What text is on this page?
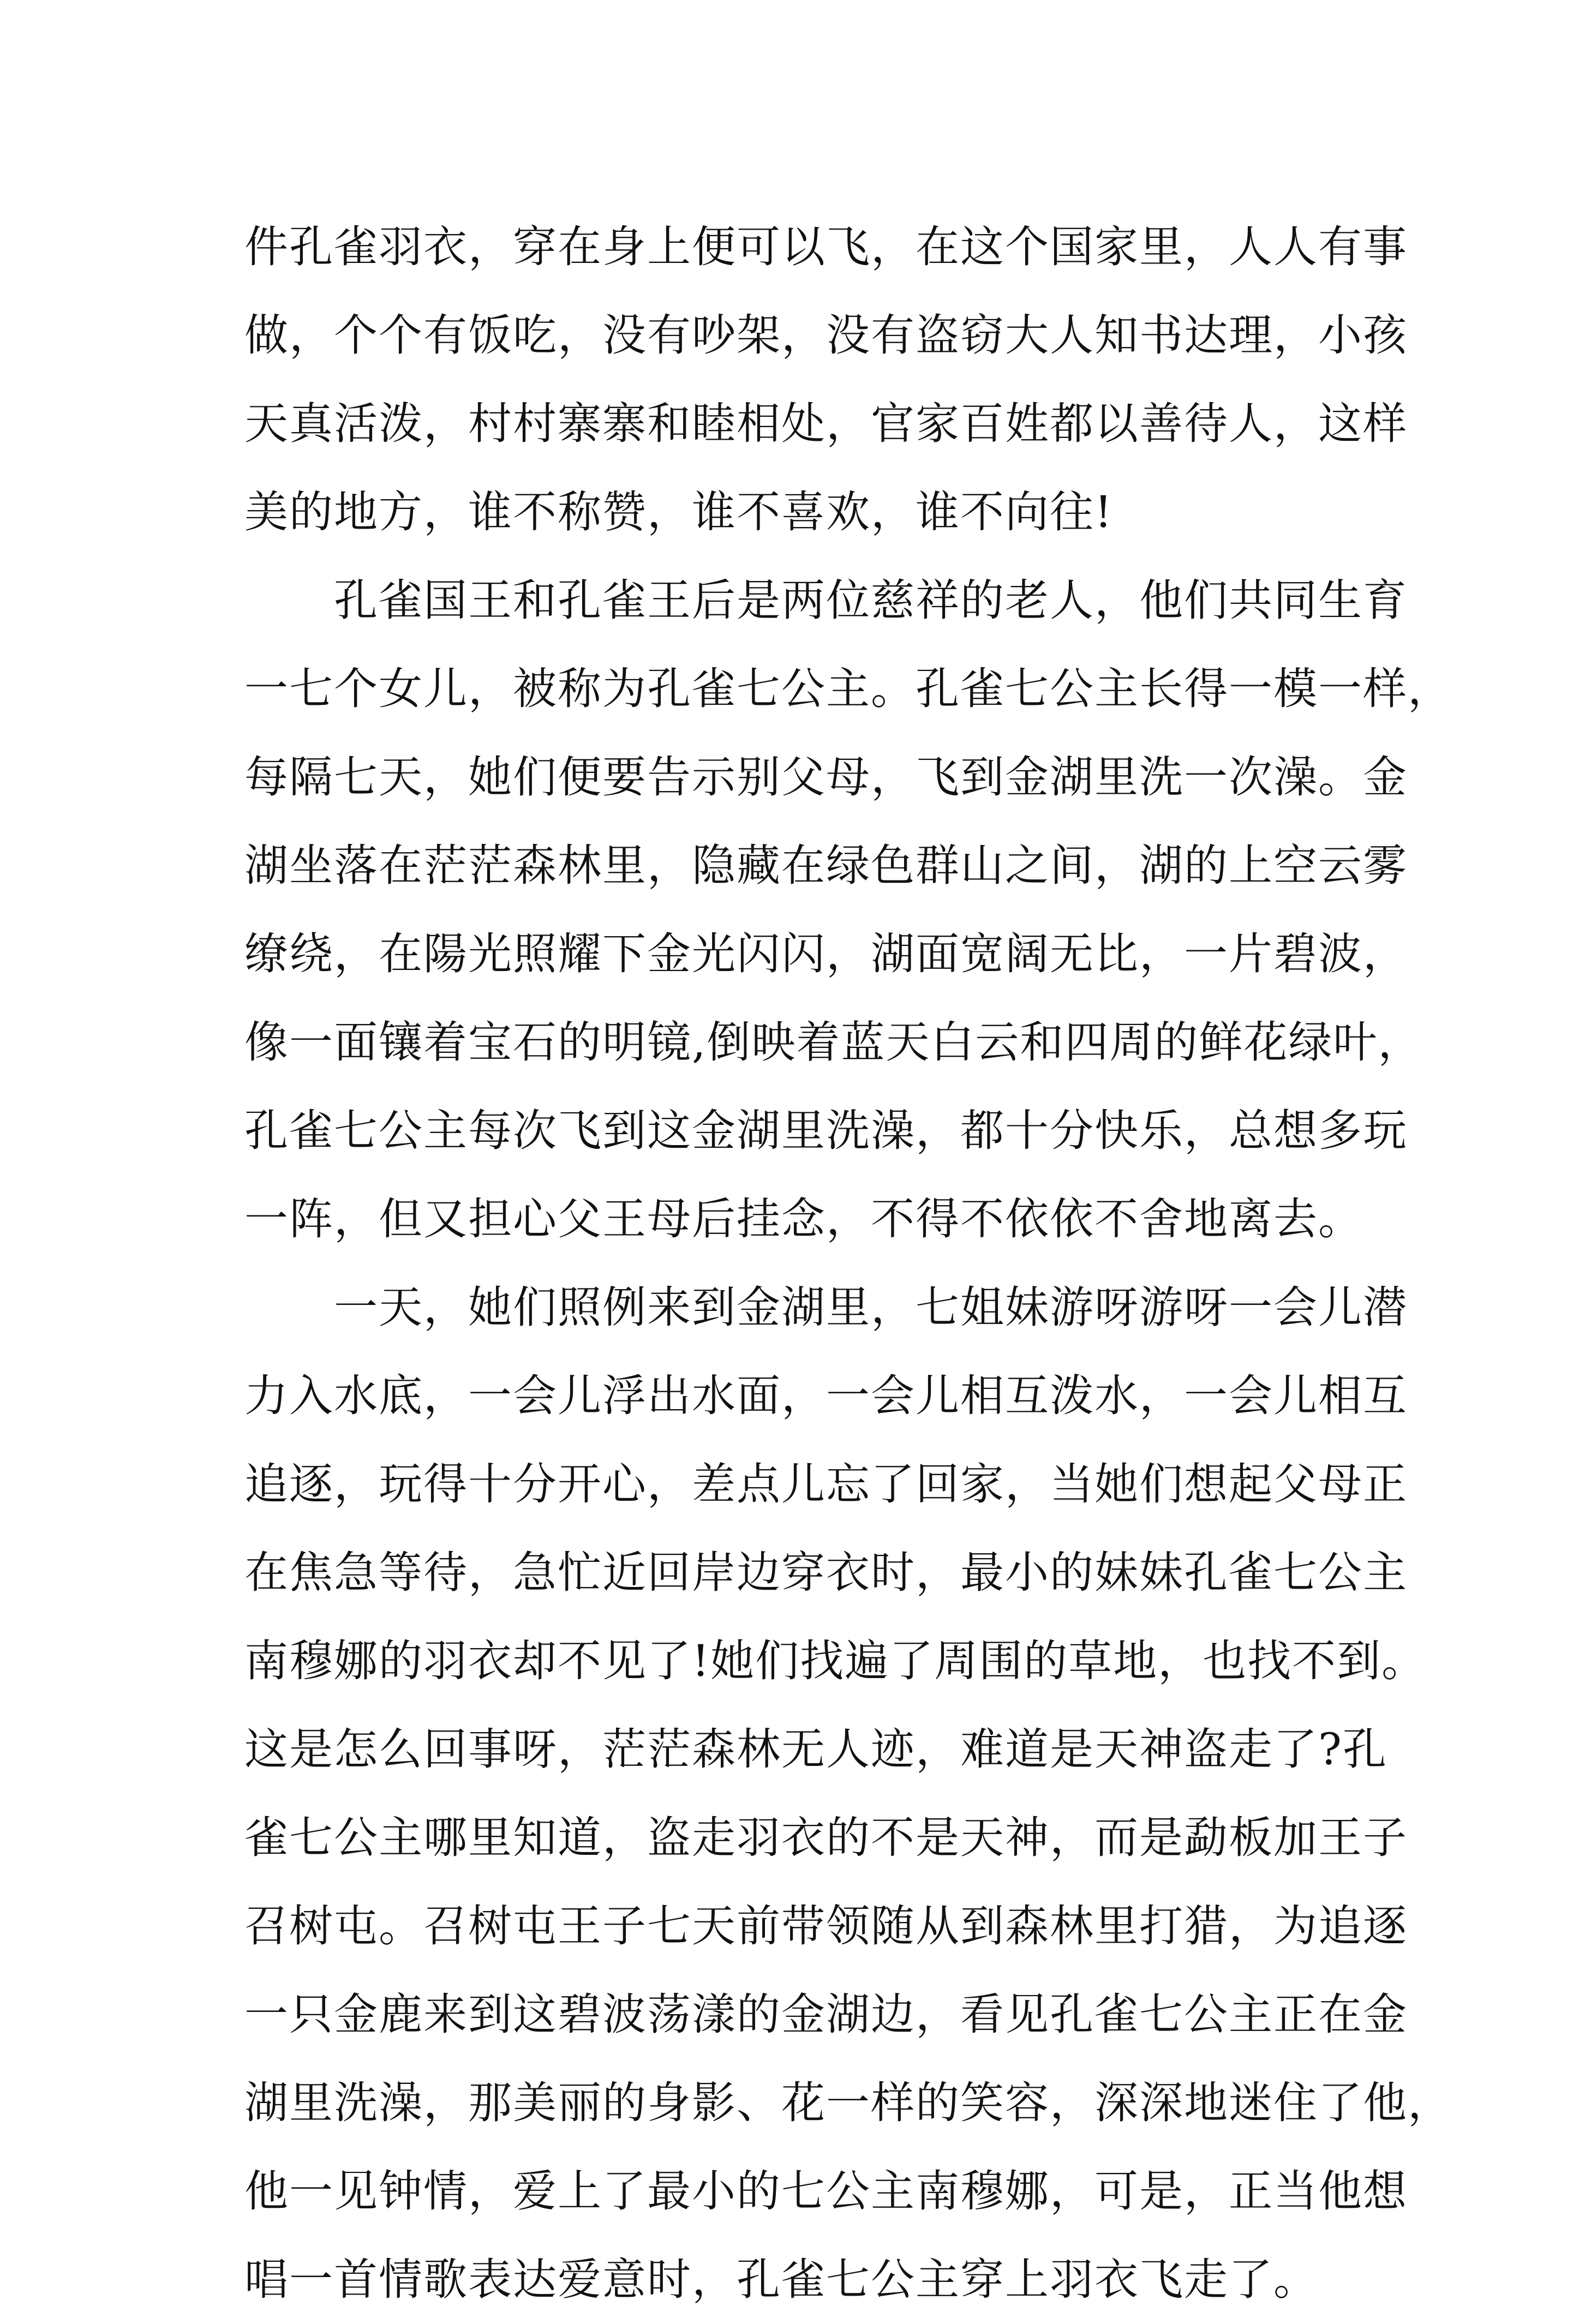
件孔雀羽衣，穿在身上便可以飞，在这个国家里，人人有事
做，个个有饭吃，没有吵架，没有盗窃大人知书达理，小孩
天真活泼，村村寨寨和睦相处，官家百姓都以善待人，这样
美的地方，谁不称赞，谁不喜欢，谁不向往!
　　孔雀国王和孔雀王后是两位慈祥的老人，他们共同生育
一七个女儿，被称为孔雀七公主。孔雀七公主长得一模一样，
每隔七天，她们便要告示别父母，飞到金湖里洗一次澡。金
湖坐落在茫茫森林里，隐藏在绿色群山之间，湖的上空云雾
缭绕，在陽光照耀下金光闪闪，湖面宽阔无比，一片碧波，
像一面镶着宝石的明镜,倒映着蓝天白云和四周的鲜花绿叶，
孔雀七公主每次飞到这金湖里洗澡，都十分快乐，总想多玩
一阵，但又担心父王母后挂念，不得不依依不舍地离去。
　　一天，她们照例来到金湖里，七姐妹游呀游呀一会儿潜
力入水底，一会儿浮出水面，一会儿相互泼水，一会儿相互
追逐，玩得十分开心，差点儿忘了回家，当她们想起父母正
在焦急等待，急忙近回岸边穿衣时，最小的妹妹孔雀七公主
南穆娜的羽衣却不见了!她们找遍了周围的草地，也找不到。
这是怎么回事呀，茫茫森林无人迹，难道是天神盗走了?孔
雀七公主哪里知道，盗走羽衣的不是天神，而是勐板加王子
召树屯。召树屯王子七天前带领随从到森林里打猎，为追逐
一只金鹿来到这碧波荡漾的金湖边，看见孔雀七公主正在金
湖里洗澡，那美丽的身影、花一样的笑容，深深地迷住了他，
他一见钟情，爱上了最小的七公主南穆娜，可是，正当他想
唱一首情歌表达爱意时，孔雀七公主穿上羽衣飞走了。
